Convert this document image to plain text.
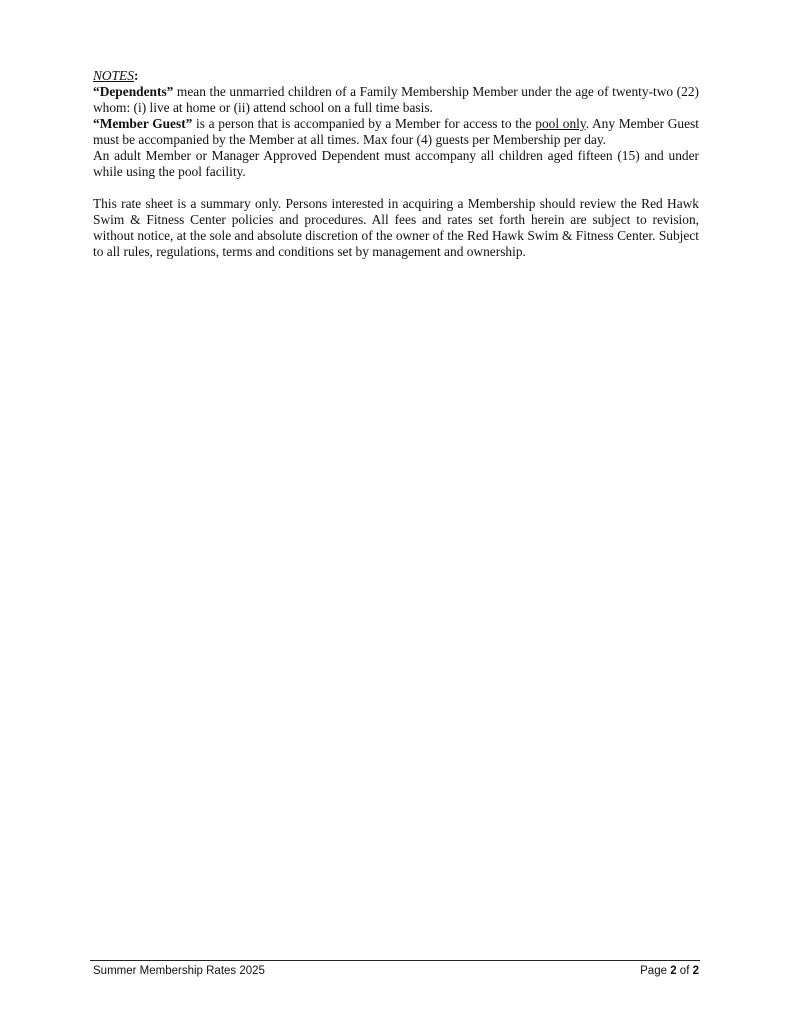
NOTES:

“Dependents” mean the unmarried children of a Family Membership Member under the age of twenty-two (22) whom: (i) live at home or (ii) attend school on a full time basis.

“Member Guest” is a person that is accompanied by a Member for access to the pool only. Any Member Guest must be accompanied by the Member at all times. Max four (4) guests per Membership per day.

An adult Member or Manager Approved Dependent must accompany all children aged fifteen (15) and under while using the pool facility.

This rate sheet is a summary only. Persons interested in acquiring a Membership should review the Red Hawk Swim & Fitness Center policies and procedures. All fees and rates set forth herein are subject to revision, without notice, at the sole and absolute discretion of the owner of the Red Hawk Swim & Fitness Center. Subject to all rules, regulations, terms and conditions set by management and ownership.

Summer Membership Rates 2025	Page 2 of 2
